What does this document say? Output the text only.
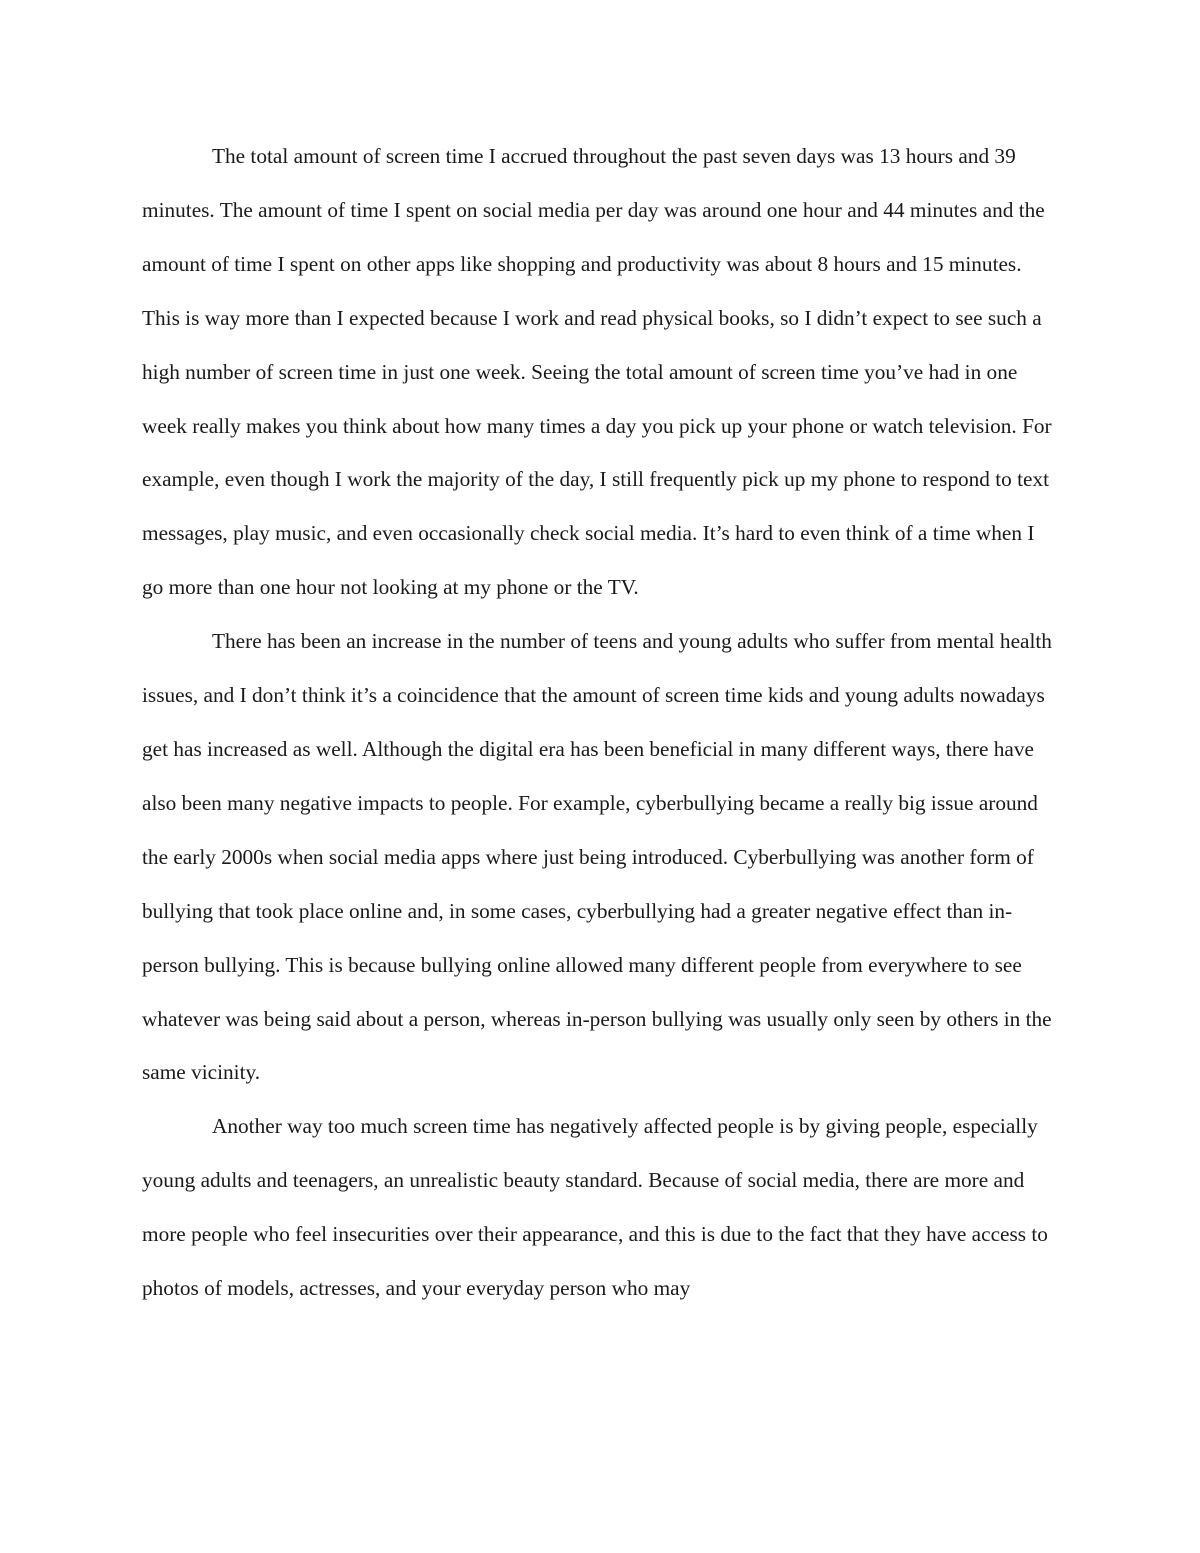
The total amount of screen time I accrued throughout the past seven days was 13 hours and 39 minutes. The amount of time I spent on social media per day was around one hour and 44 minutes and the amount of time I spent on other apps like shopping and productivity was about 8 hours and 15 minutes. This is way more than I expected because I work and read physical books, so I didn’t expect to see such a high number of screen time in just one week. Seeing the total amount of screen time you’ve had in one week really makes you think about how many times a day you pick up your phone or watch television. For example, even though I work the majority of the day, I still frequently pick up my phone to respond to text messages, play music, and even occasionally check social media. It’s hard to even think of a time when I go more than one hour not looking at my phone or the TV.

There has been an increase in the number of teens and young adults who suffer from mental health issues, and I don’t think it’s a coincidence that the amount of screen time kids and young adults nowadays get has increased as well. Although the digital era has been beneficial in many different ways, there have also been many negative impacts to people. For example, cyberbullying became a really big issue around the early 2000s when social media apps where just being introduced. Cyberbullying was another form of bullying that took place online and, in some cases, cyberbullying had a greater negative effect than in-person bullying. This is because bullying online allowed many different people from everywhere to see whatever was being said about a person, whereas in-person bullying was usually only seen by others in the same vicinity.

Another way too much screen time has negatively affected people is by giving people, especially young adults and teenagers, an unrealistic beauty standard. Because of social media, there are more and more people who feel insecurities over their appearance, and this is due to the fact that they have access to photos of models, actresses, and your everyday person who may
